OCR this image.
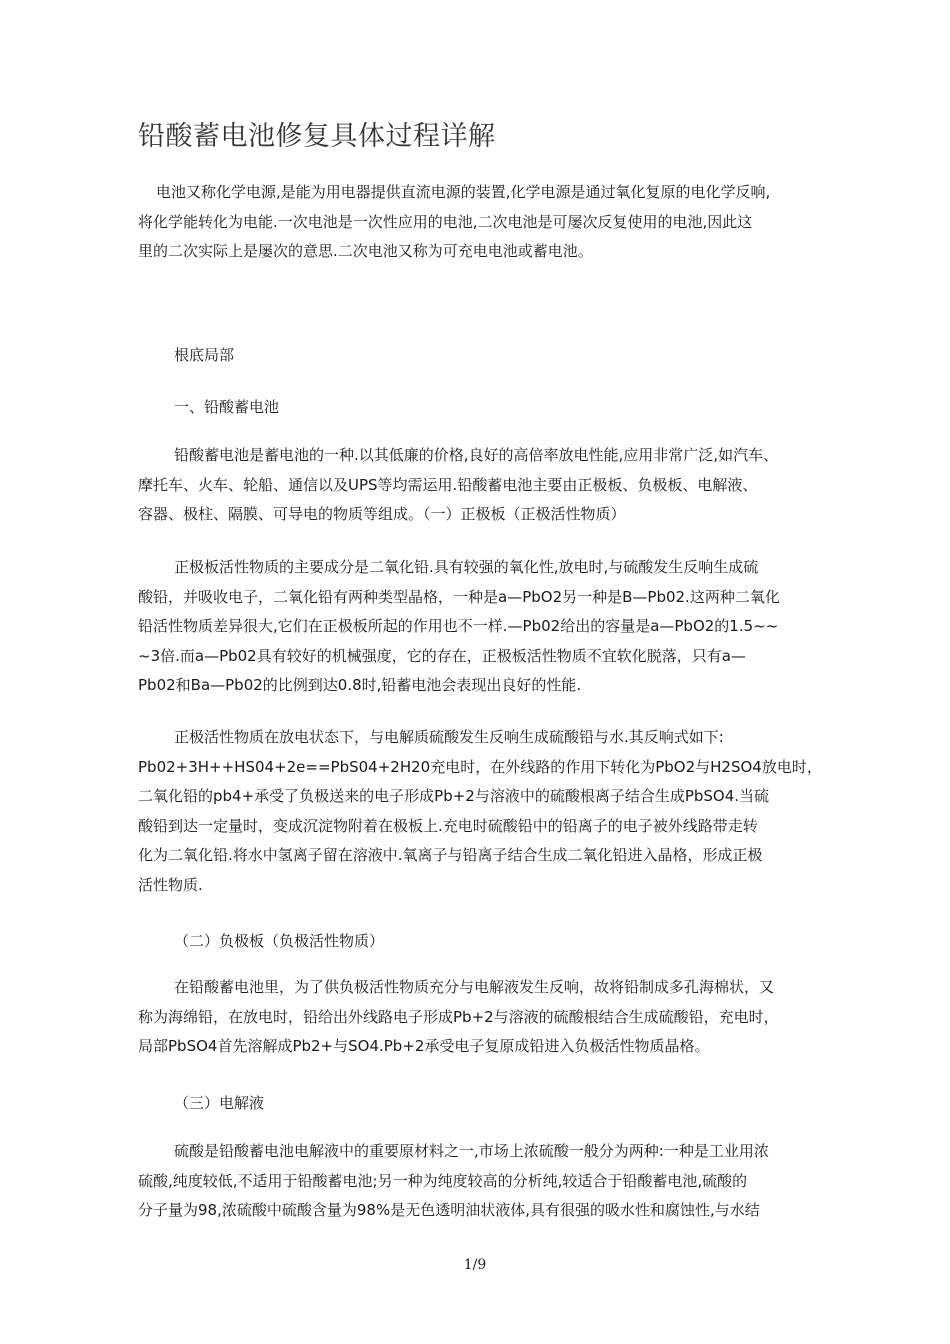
铅酸蓄电池修复具体过程详解
电池又称化学电源,是能为用电器提供直流电源的装置,化学电源是通过氧化复原的电化学反响,
将化学能转化为电能.一次电池是一次性应用的电池,二次电池是可屡次反复使用的电池,因此这
里的二次实际上是屡次的意思.二次电池又称为可充电电池或蓄电池。
根底局部
一、铅酸蓄电池
铅酸蓄电池是蓄电池的一种.以其低廉的价格,良好的高倍率放电性能,应用非常广泛,如汽车、
摩托车、火车、轮船、通信以及UPS等均需运用.铅酸蓄电池主要由正极板、负极板、电解液、
容器、极柱、隔膜、可导电的物质等组成。（一）正极板（正极活性物质）
正极板活性物质的主要成分是二氧化铅.具有较强的氧化性,放电时,与硫酸发生反响生成硫
酸铅，并吸收电子，二氧化铅有两种类型晶格，一种是a—PbO2另一种是B—Pb02.这两种二氧化
铅活性物质差异很大,它们在正极板所起的作用也不一样.—Pb02给出的容量是a—PbO2的1.5~~
~3倍.而a—Pb02具有较好的机械强度，它的存在，正极板活性物质不宜软化脱落，只有a—
Pb02和Ba—Pb02的比例到达0.8时,铅蓄电池会表现出良好的性能.
正极活性物质在放电状态下，与电解质硫酸发生反响生成硫酸铅与水.其反响式如下:
Pb02+3H++HS04+2e==PbS04+2H20充电时，在外线路的作用下转化为PbO2与H2SO4放电时，
二氧化铅的pb4+承受了负极送来的电子形成Pb+2与溶液中的硫酸根离子结合生成PbSO4.当硫
酸铅到达一定量时，变成沉淀物附着在极板上.充电时硫酸铅中的铅离子的电子被外线路带走转
化为二氧化铅.将水中氢离子留在溶液中.氧离子与铅离子结合生成二氧化铅进入晶格，形成正极
活性物质.
（二）负极板（负极活性物质）
在铅酸蓄电池里，为了供负极活性物质充分与电解液发生反响，故将铅制成多孔海棉状，又
称为海绵铅，在放电时，铅给出外线路电子形成Pb+2与溶液的硫酸根结合生成硫酸铅，充电时，
局部PbSO4首先溶解成Pb2+与SO4.Pb+2承受电子复原成铅进入负极活性物质晶格。
（三）电解液
硫酸是铅酸蓄电池电解液中的重要原材料之一,市场上浓硫酸一般分为两种:一种是工业用浓
硫酸,纯度较低,不适用于铅酸蓄电池;另一种为纯度较高的分析纯,较适合于铅酸蓄电池,硫酸的
分子量为98,浓硫酸中硫酸含量为98%是无色透明油状液体,具有很强的吸水性和腐蚀性,与水结
1/9
